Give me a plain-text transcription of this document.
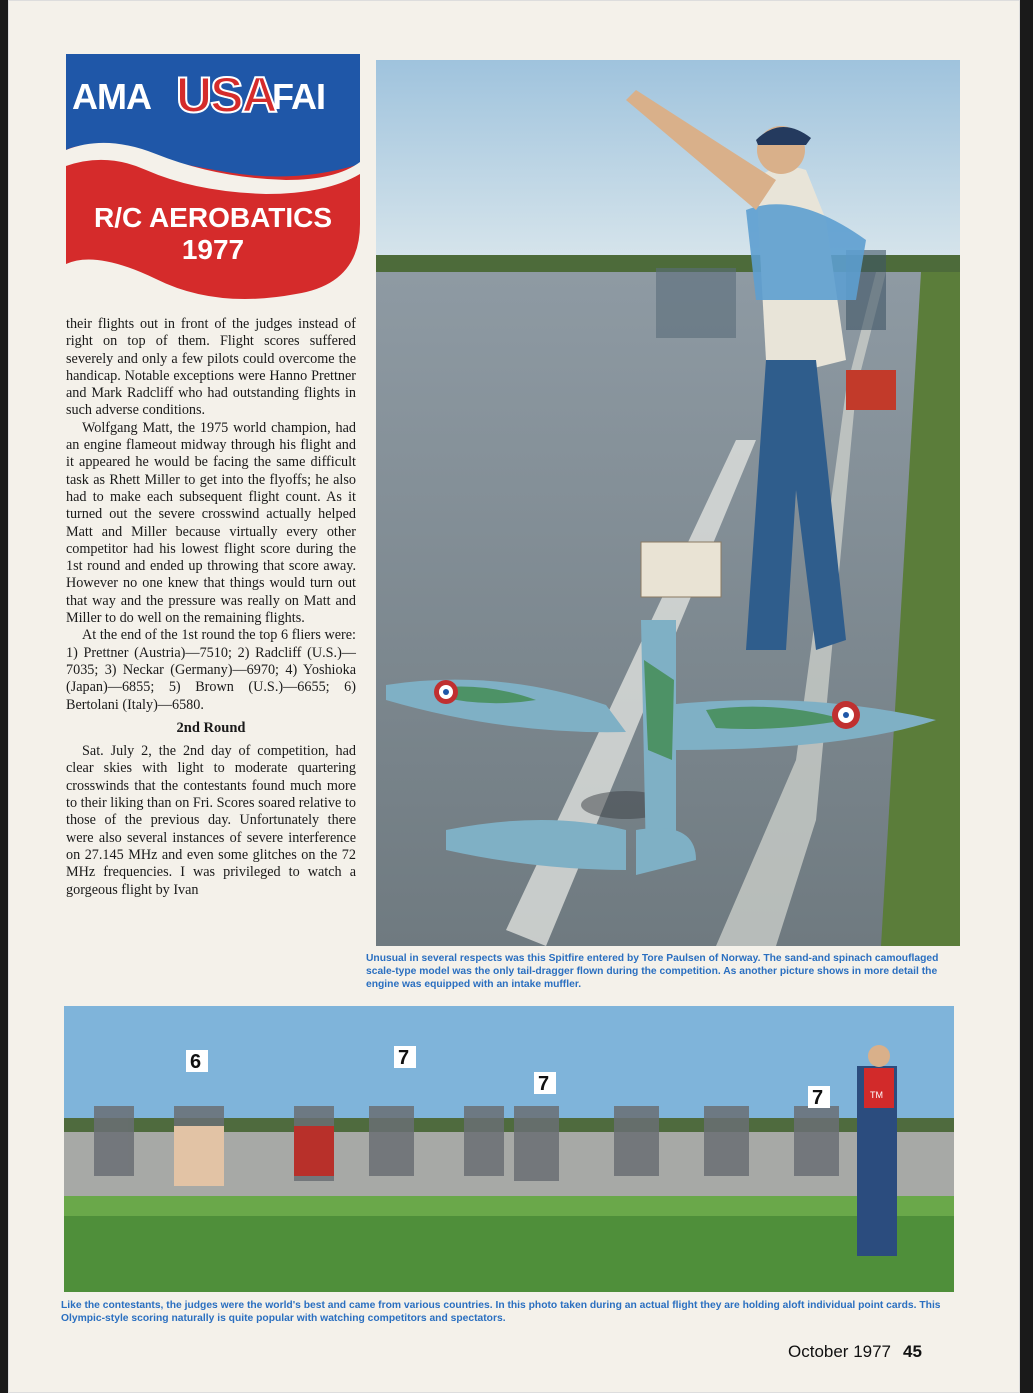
AMA USA
FAI
R/C AEROBATICS
1977

their flights out in front of the judges instead of right on top of them. Flight scores suffered severely and only a few pilots could overcome the handicap. Notable exceptions were Hanno Prettner and Mark Radcliff who had outstanding flights in such adverse conditions.

Wolfgang Matt, the 1975 world champion, had an engine flameout midway through his flight and it appeared he would be facing the same difficult task as Rhett Miller to get into the flyoffs; he also had to make each subsequent flight count. As it turned out the severe crosswind actually helped Matt and Miller because virtually every other competitor had his lowest flight score during the 1st round and ended up throwing that score away. However no one knew that things would turn out that way and the pressure was really on Matt and Miller to do well on the remaining flights.

At the end of the 1st round the top 6 fliers were: 1) Prettner (Austria)—7510; 2) Radcliff (U.S.)—7035; 3) Neckar (Germany)—6970; 4) Yoshioka (Japan)—6855; 5) Brown (U.S.)—6655; 6) Bertolani (Italy)—6580.

2nd Round

Sat. July 2, the 2nd day of competition, had clear skies with light to moderate quartering crosswinds that the contestants found much more to their liking than on Fri. Scores soared relative to those of the previous day. Unfortunately there were also several instances of severe interference on 27.145 MHz and even some glitches on the 72 MHz frequencies. I was privileged to watch a gorgeous flight by Ivan

Unusual in several respects was this Spitfire entered by Tore Paulsen of Norway. The sand-and spinach camouflaged scale-type model was the only tail-dragger flown during the competition. As another picture shows in more detail the engine was equipped with an intake muffler.
6	7
7
7	TM
Like the contestants, the judges were the world's best and came from various countries. In this photo taken during an actual flight they are holding aloft individual point cards. This Olympic-style scoring naturally is quite popular with watching competitors and spectators.
October 1977 45
